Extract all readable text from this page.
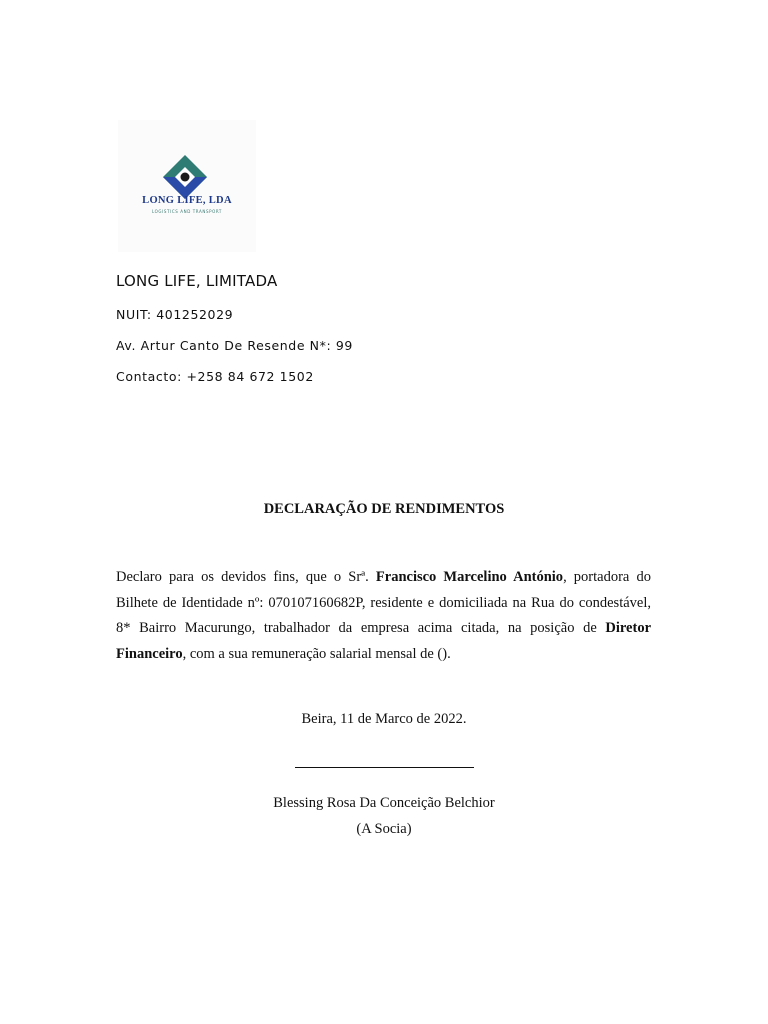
LONG LIFE, LDA
LOGISTICS AND TRANSPORT
LONG LIFE, LIMITADA
NUIT: 401252029
Av. Artur Canto De Resende N*: 99
Contacto: +258 84 672 1502
DECLARAÇÃO DE RENDIMENTOS

Declaro para os devidos fins, que o Srª. Francisco Marcelino António, portadora do Bilhete de Identidade nº: 070107160682P, residente e domiciliada na Rua do condestável, 8* Bairro Macurungo, trabalhador da empresa acima citada, na posição de Diretor Financeiro, com a sua remuneração salarial mensal de ().

Beira, 11 de Marco de 2022.
Blessing Rosa Da Conceição Belchior
(A Socia)
